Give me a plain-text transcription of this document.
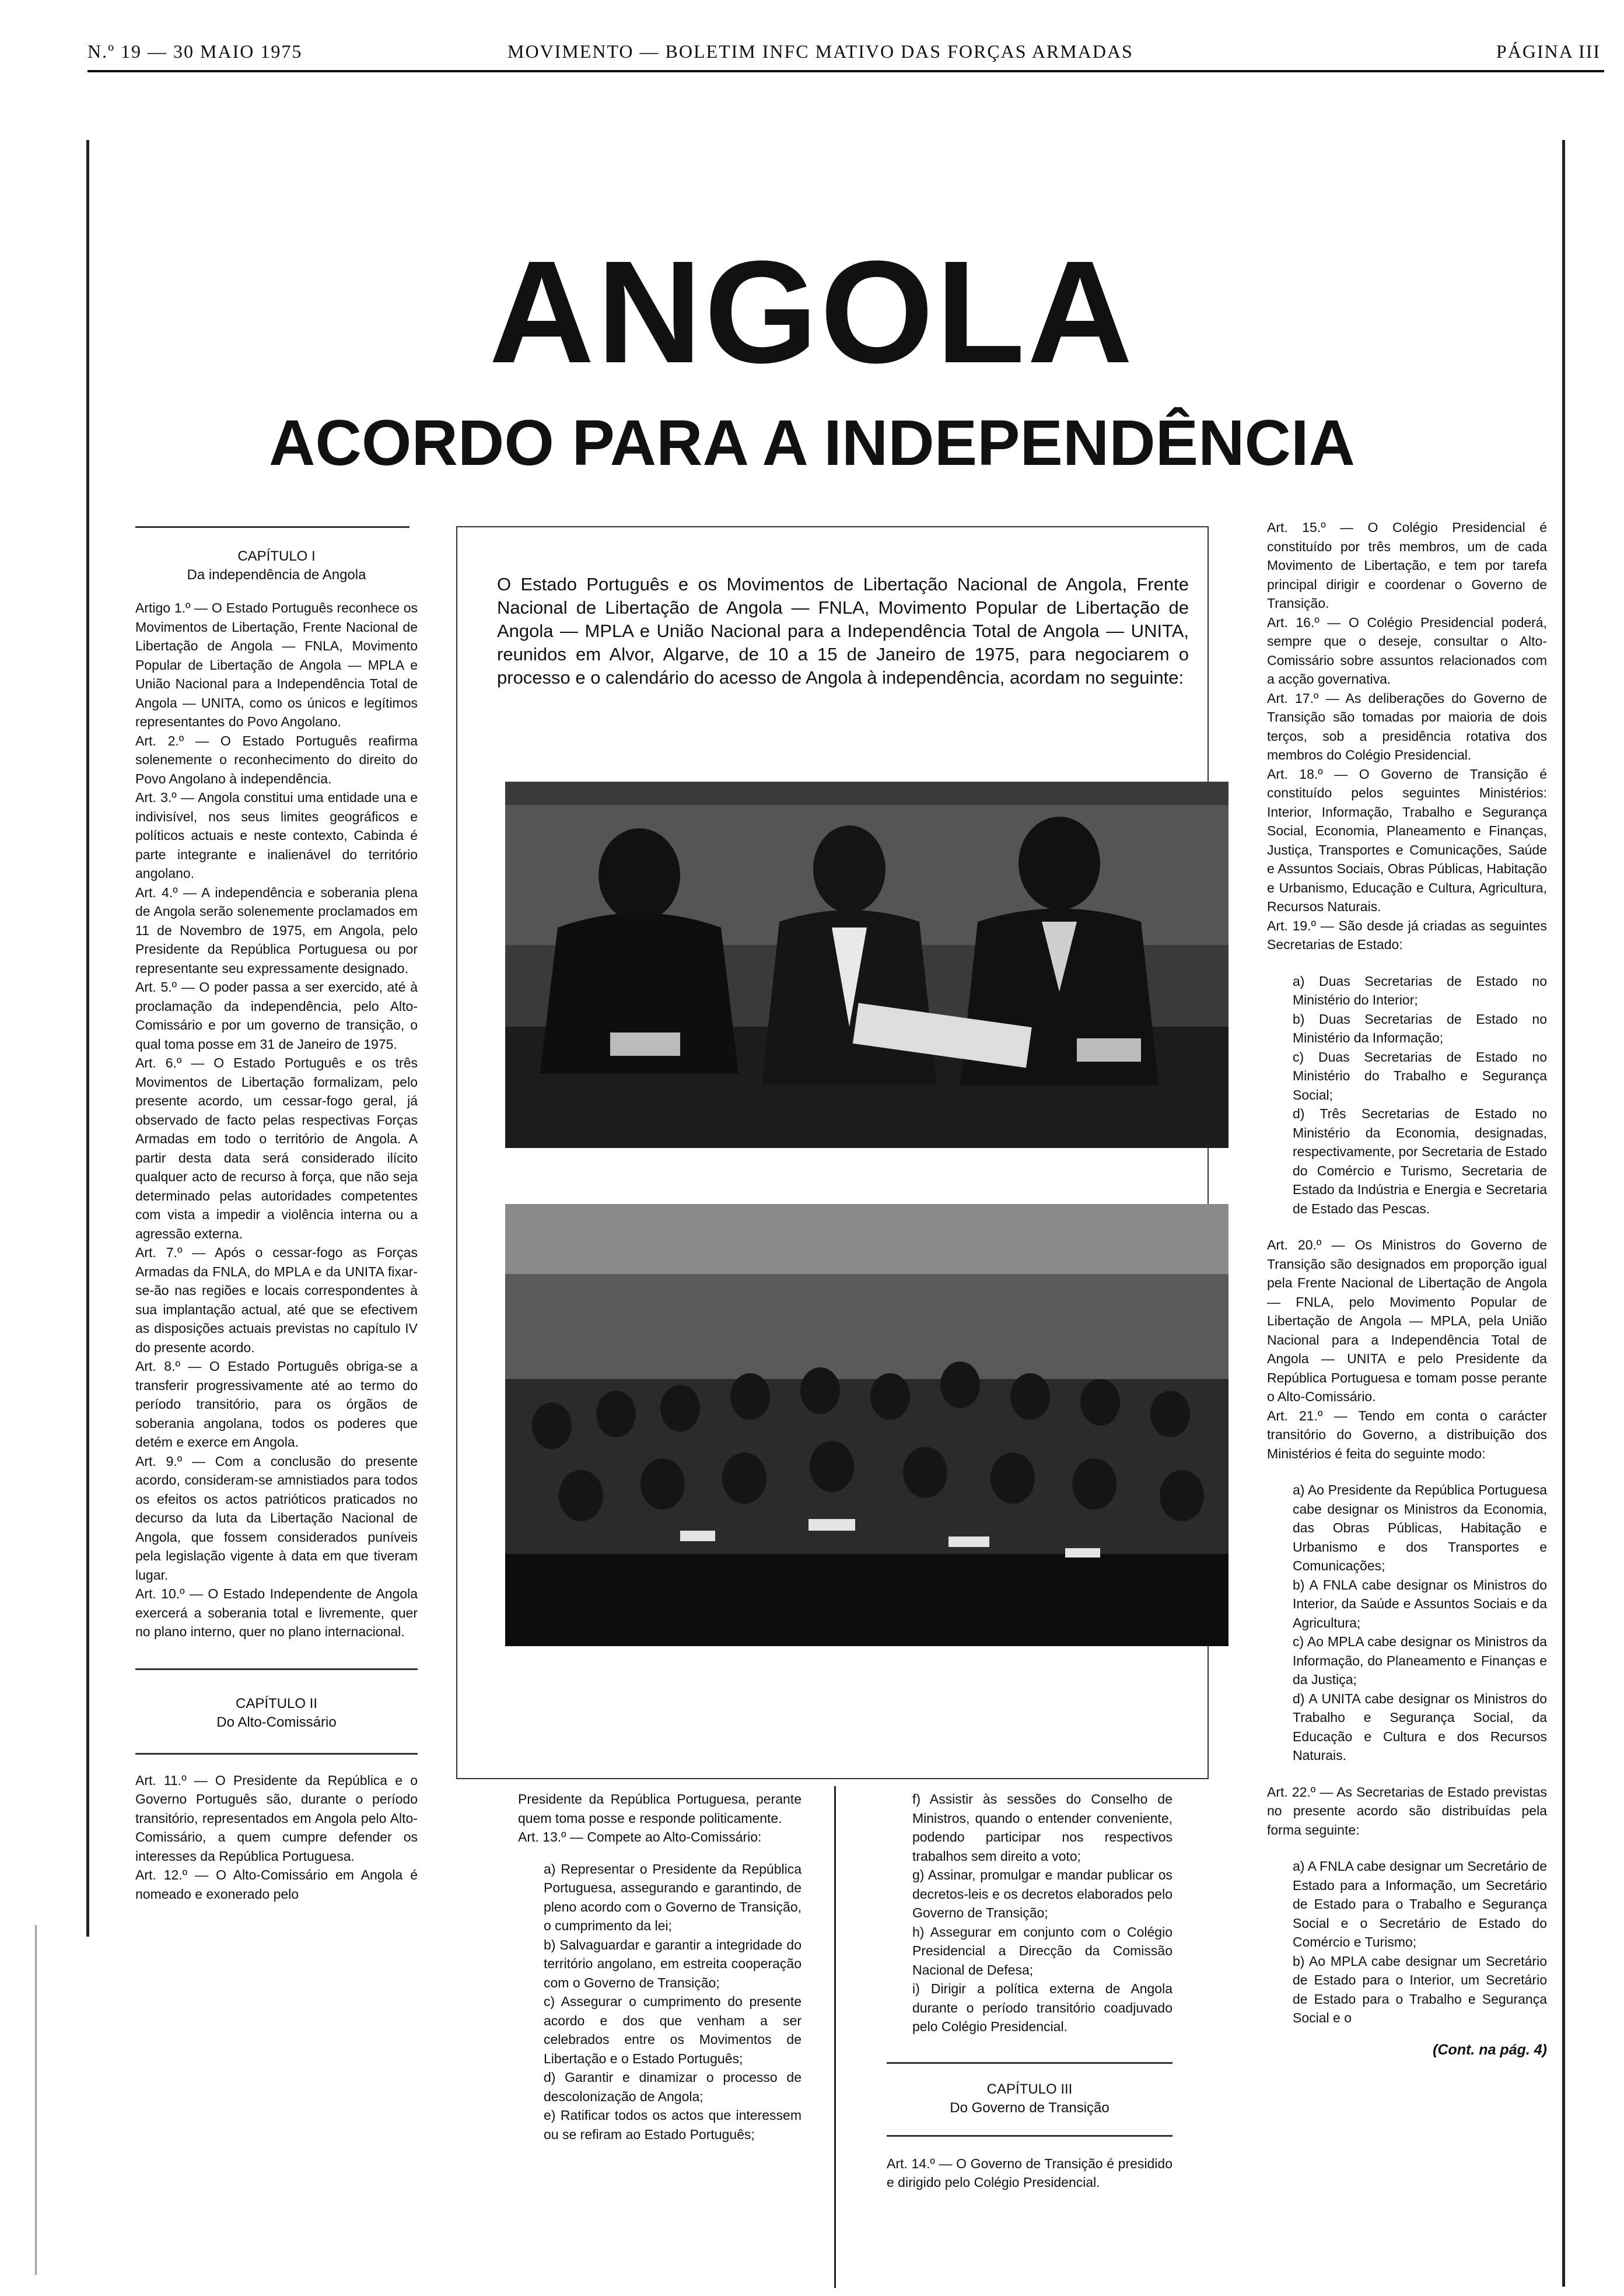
N.º 19 — 30 MAIO 1975	MOVIMENTO — BOLETIM INFC MATIVO DAS FORÇAS ARMADAS	PÁGINA III
ANGOLA
ACORDO PARA A INDEPENDÊNCIA
CAPÍTULO I
Da independência de Angola

Artigo 1.º — O Estado Português reconhece os Movimentos de Libertação, Frente Nacional de Libertação de Angola — FNLA, Movimento Popular de Libertação de Angola — MPLA e União Nacional para a Independência Total de Angola — UNITA, como os únicos e legítimos representantes do Povo Angolano.

Art. 2.º — O Estado Português reafirma solenemente o reconhecimento do direito do Povo Angolano à independência.

Art. 3.º — Angola constitui uma entidade una e indivisível, nos seus limites geográficos e políticos actuais e neste contexto, Cabinda é parte integrante e inalienável do território angolano.

Art. 4.º — A independência e soberania plena de Angola serão solenemente proclamados em 11 de Novembro de 1975, em Angola, pelo Presidente da República Portuguesa ou por representante seu expressamente designado.

Art. 5.º — O poder passa a ser exercido, até à proclamação da independência, pelo Alto-Comissário e por um governo de transição, o qual toma posse em 31 de Janeiro de 1975.

Art. 6.º — O Estado Português e os três Movimentos de Libertação formalizam, pelo presente acordo, um cessar-fogo geral, já observado de facto pelas respectivas Forças Armadas em todo o território de Angola. A partir desta data será considerado ilícito qualquer acto de recurso à força, que não seja determinado pelas autoridades competentes com vista a impedir a violência interna ou a agressão externa.

Art. 7.º — Após o cessar-fogo as Forças Armadas da FNLA, do MPLA e da UNITA fixar-se-ão nas regiões e locais correspondentes à sua implantação actual, até que se efectivem as disposições actuais previstas no capítulo IV do presente acordo.

Art. 8.º — O Estado Português obriga-se a transferir progressivamente até ao termo do período transitório, para os órgãos de soberania angolana, todos os poderes que detém e exerce em Angola.

Art. 9.º — Com a conclusão do presente acordo, consideram-se amnistiados para todos os efeitos os actos patrióticos praticados no decurso da luta da Libertação Nacional de Angola, que fossem considerados puníveis pela legislação vigente à data em que tiveram lugar.

Art. 10.º — O Estado Independente de Angola exercerá a soberania total e livremente, quer no plano interno, quer no plano internacional.

CAPÍTULO II
Do Alto-Comissário

Art. 11.º — O Presidente da República e o Governo Português são, durante o período transitório, representados em Angola pelo Alto-Comissário, a quem cumpre defender os interesses da República Portuguesa.

Art. 12.º — O Alto-Comissário em Angola é nomeado e exonerado pelo

O Estado Português e os Movimentos de Libertação Nacional de Angola, Frente Nacional de Libertação de Angola — FNLA, Movimento Popular de Libertação de Angola — MPLA e União Nacional para a Independência Total de Angola — UNITA, reunidos em Alvor, Algarve, de 10 a 15 de Janeiro de 1975, para negociarem o processo e o calendário do acesso de Angola à independência, acordam no seguinte:

Presidente da República Portuguesa, perante quem toma posse e responde politicamente.

Art. 13.º — Compete ao Alto-Comissário:

a) Representar o Presidente da República Portuguesa, assegurando e garantindo, de pleno acordo com o Governo de Transição, o cumprimento da lei;

b) Salvaguardar e garantir a integridade do território angolano, em estreita cooperação com o Governo de Transição;

c) Assegurar o cumprimento do presente acordo e dos que venham a ser celebrados entre os Movimentos de Libertação e o Estado Português;

d) Garantir e dinamizar o processo de descolonização de Angola;

e) Ratificar todos os actos que interessem ou se refiram ao Estado Português;

f) Assistir às sessões do Conselho de Ministros, quando o entender conveniente, podendo participar nos respectivos trabalhos sem direito a voto;

g) Assinar, promulgar e mandar publicar os decretos-leis e os decretos elaborados pelo Governo de Transição;

h) Assegurar em conjunto com o Colégio Presidencial a Direcção da Comissão Nacional de Defesa;

i) Dirigir a política externa de Angola durante o período transitório coadjuvado pelo Colégio Presidencial.

CAPÍTULO III
Do Governo de Transição

Art. 14.º — O Governo de Transição é presidido e dirigido pelo Colégio Presidencial.

Art. 15.º — O Colégio Presidencial é constituído por três membros, um de cada Movimento de Libertação, e tem por tarefa principal dirigir e coordenar o Governo de Transição.

Art. 16.º — O Colégio Presidencial poderá, sempre que o deseje, consultar o Alto-Comissário sobre assuntos relacionados com a acção governativa.

Art. 17.º — As deliberações do Governo de Transição são tomadas por maioria de dois terços, sob a presidência rotativa dos membros do Colégio Presidencial.

Art. 18.º — O Governo de Transição é constituído pelos seguintes Ministérios: Interior, Informação, Trabalho e Segurança Social, Economia, Planeamento e Finanças, Justiça, Transportes e Comunicações, Saúde e Assuntos Sociais, Obras Públicas, Habitação e Urbanismo, Educação e Cultura, Agricultura, Recursos Naturais.

Art. 19.º — São desde já criadas as seguintes Secretarias de Estado:

a) Duas Secretarias de Estado no Ministério do Interior;

b) Duas Secretarias de Estado no Ministério da Informação;

c) Duas Secretarias de Estado no Ministério do Trabalho e Segurança Social;

d) Três Secretarias de Estado no Ministério da Economia, designadas, respectivamente, por Secretaria de Estado do Comércio e Turismo, Secretaria de Estado da Indústria e Energia e Secretaria de Estado das Pescas.

Art. 20.º — Os Ministros do Governo de Transição são designados em proporção igual pela Frente Nacional de Libertação de Angola — FNLA, pelo Movimento Popular de Libertação de Angola — MPLA, pela União Nacional para a Independência Total de Angola — UNITA e pelo Presidente da República Portuguesa e tomam posse perante o Alto-Comissário.

Art. 21.º — Tendo em conta o carácter transitório do Governo, a distribuição dos Ministérios é feita do seguinte modo:

a) Ao Presidente da República Portuguesa cabe designar os Ministros da Economia, das Obras Públicas, Habitação e Urbanismo e dos Transportes e Comunicações;

b) A FNLA cabe designar os Ministros do Interior, da Saúde e Assuntos Sociais e da Agricultura;

c) Ao MPLA cabe designar os Ministros da Informação, do Planeamento e Finanças e da Justiça;

d) A UNITA cabe designar os Ministros do Trabalho e Segurança Social, da Educação e Cultura e dos Recursos Naturais.

Art. 22.º — As Secretarias de Estado previstas no presente acordo são distribuídas pela forma seguinte:

a) A FNLA cabe designar um Secretário de Estado para a Informação, um Secretário de Estado para o Trabalho e Segurança Social e o Secretário de Estado do Comércio e Turismo;

b) Ao MPLA cabe designar um Secretário de Estado para o Interior, um Secretário de Estado para o Trabalho e Segurança Social e o

(Cont. na pág. 4)
